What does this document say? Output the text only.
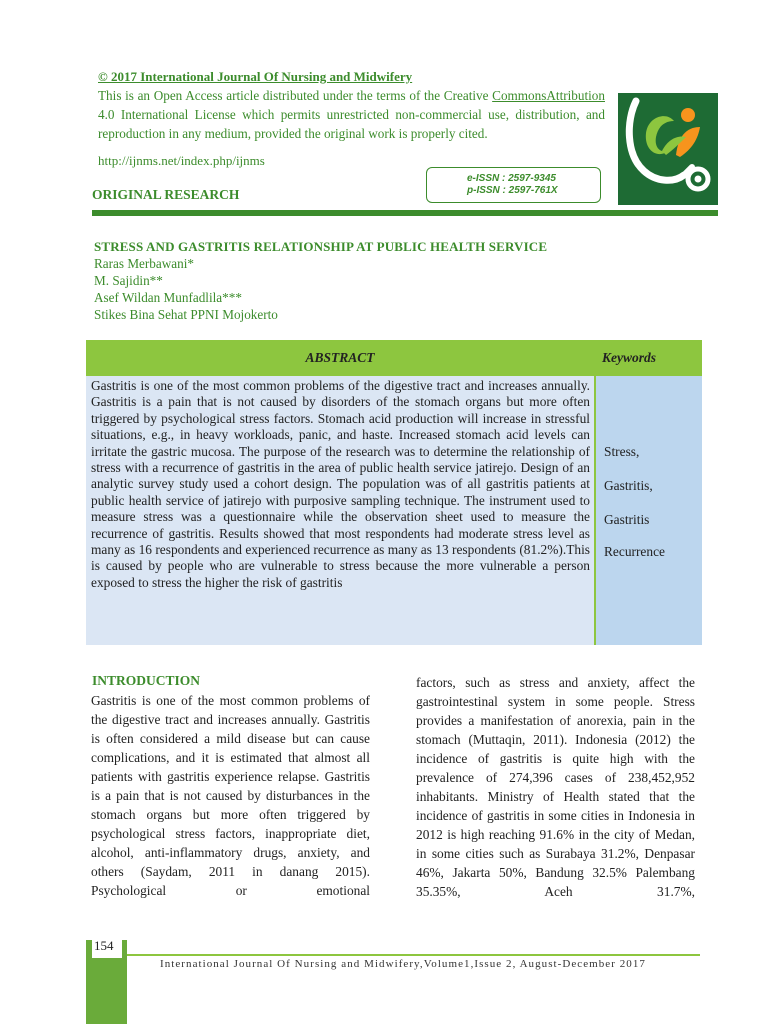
© 2017 International Journal Of Nursing and Midwifery

This is an Open Access article distributed under the terms of the Creative CommonsAttribution 4.0 International License which permits unrestricted non-commercial use, distribution, and reproduction in any medium, provided the original work is properly cited.

http://ijnms.net/index.php/ijnms

ORIGINAL RESEARCH

e-ISSN : 2597-9345
p-ISSN : 2597-761X

STRESS AND GASTRITIS RELATIONSHIP AT PUBLIC HEALTH SERVICE

Raras Merbawani*
M. Sajidin**
Asef Wildan Munfadlila***
Stikes Bina Sehat PPNI Mojokerto
ABSTRACT	Keywords

Gastritis is one of the most common problems of the digestive tract and increases annually. Gastritis is a pain that is not caused by disorders of the stomach organs but more often triggered by psychological stress factors. Stomach acid production will increase in stressful situations, e.g., in heavy workloads, panic, and haste. Increased stomach acid levels can irritate the gastric mucosa. The purpose of the research was to determine the relationship of stress with a recurrence of gastritis in the area of public health service jatirejo. Design of an analytic survey study used a cohort design. The population was of all gastritis patients at public health service of jatirejo with purposive sampling technique. The instrument used to measure stress was a questionnaire while the observation sheet used to measure the recurrence of gastritis. Results showed that most respondents had moderate stress level as many as 16 respondents and experienced recurrence as many as 13 respondents (81.2%).This is caused by people who are vulnerable to stress because the more vulnerable a person exposed to stress the higher the risk of gastritis

Stress,
Gastritis,
Gastritis
Recurrence

INTRODUCTION

Gastritis is one of the most common problems of the digestive tract and increases annually. Gastritis is often considered a mild disease but can cause complications, and it is estimated that almost all patients with gastritis experience relapse. Gastritis is a pain that is not caused by disturbances in the stomach organs but more often triggered by psychological stress factors, inappropriate diet, alcohol, anti-inflammatory drugs, anxiety, and others (Saydam, 2011 in danang 2015). Psychological or emotional

factors, such as stress and anxiety, affect the gastrointestinal system in some people. Stress provides a manifestation of anorexia, pain in the stomach (Muttaqin, 2011). Indonesia (2012) the incidence of gastritis is quite high with the prevalence of 274,396 cases of 238,452,952 inhabitants. Ministry of Health stated that the incidence of gastritis in some cities in Indonesia in 2012 is high reaching 91.6% in the city of Medan, in some cities such as Surabaya 31.2%, Denpasar 46%, Jakarta 50%, Bandung 32.5% Palembang 35.35%, Aceh 31.7%,

154
International Journal Of Nursing and Midwifery,Volume1,Issue 2, August-December 2017
